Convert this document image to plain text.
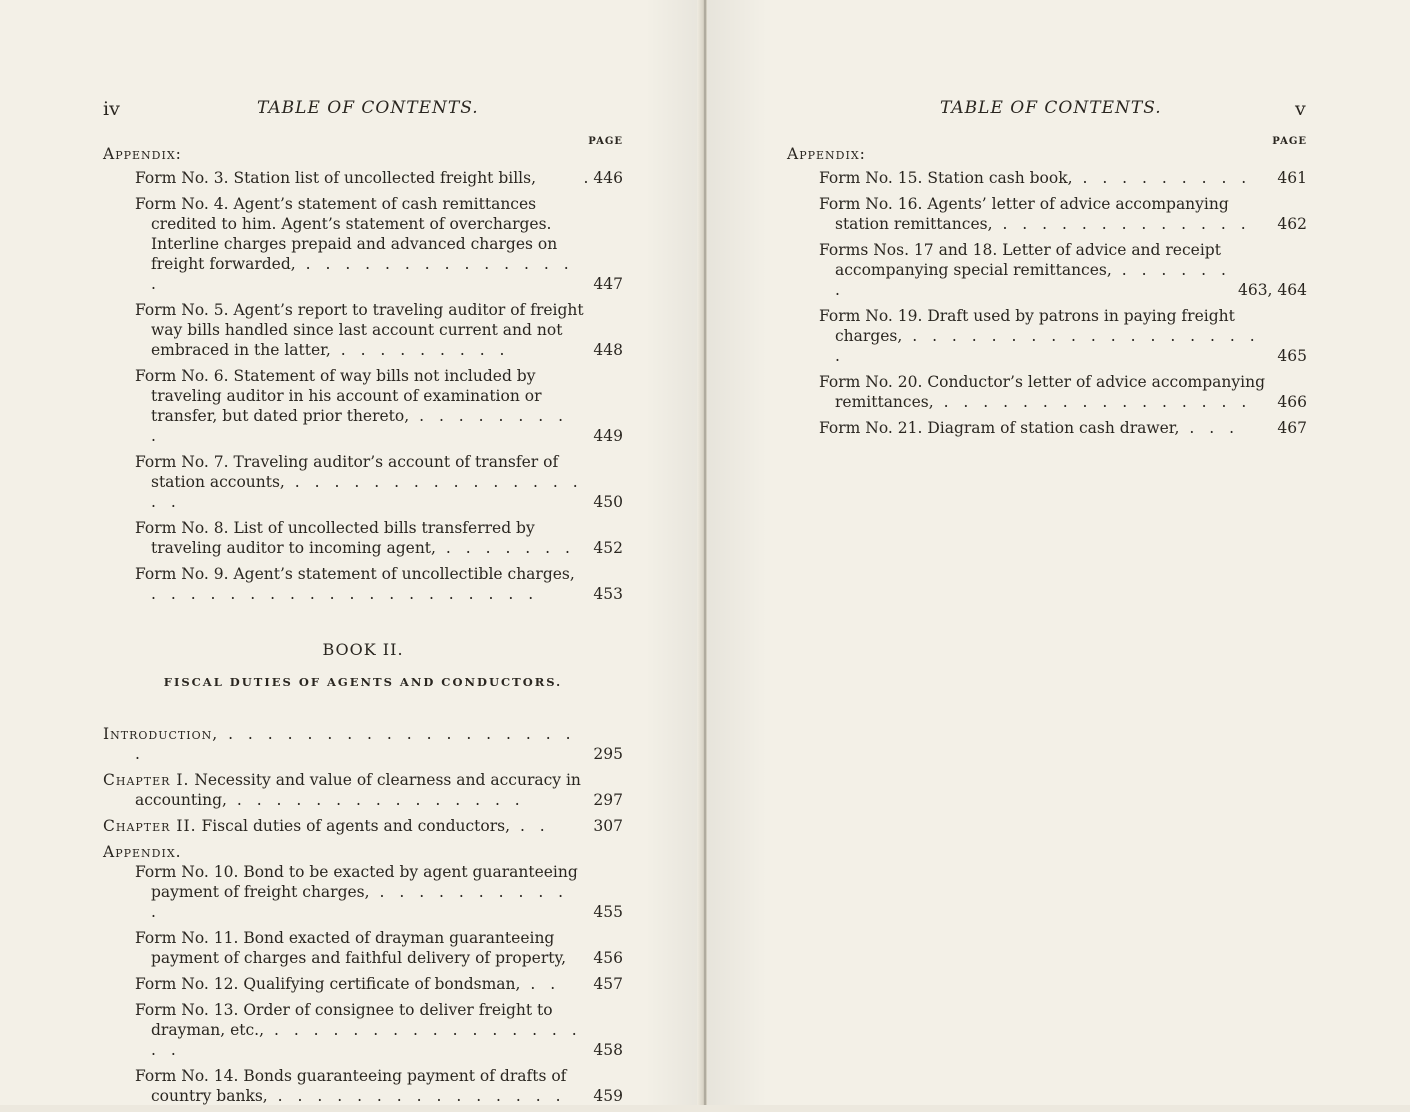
iv	TABLE OF CONTENTS.
PAGE
Appendix:
Form No. 3. Station list of uncollected freight bills,	. 446
Form No. 4. Agent’s statement of cash remittances credited to him. Agent’s statement of overcharges. Interline charges prepaid and advanced charges on freight forwarded, . . . . . . . . . . . . . . .	447
Form No. 5. Agent’s report to traveling auditor of freight way bills handled since last account current and not embraced in the latter, . . . . . . . . .	448
Form No. 6. Statement of way bills not included by traveling auditor in his account of examination or transfer, but dated prior thereto, . . . . . . . . .	449
Form No. 7. Traveling auditor’s account of transfer of station accounts, . . . . . . . . . . . . . . . . .	450
Form No. 8. List of uncollected bills transferred by traveling auditor to incoming agent, . . . . . . . 452
Form No. 9. Agent’s statement of uncollectible charges, . . . . . . . . . . . . . . . . . . . .	453
BOOK II.
FISCAL DUTIES OF AGENTS AND CONDUCTORS.
Introduction, . . . . . . . . . . . . . . . . . . .	295
Chapter I. Necessity and value of clearness and accuracy in accounting, . . . . . . . . . . . . . . .	297
Chapter II. Fiscal duties of agents and conductors, . .	307
Appendix.
Form No. 10. Bond to be exacted by agent guaranteeing payment of freight charges, . . . . . . . . . . .	455
Form No. 11. Bond exacted of drayman guaranteeing payment of charges and faithful delivery of property, 456
Form No. 12. Qualifying certificate of bondsman, . . 457
Form No. 13. Order of consignee to deliver freight to drayman, etc., . . . . . . . . . . . . . . . . . .	458
Form No. 14. Bonds guaranteeing payment of drafts of country banks, . . . . . . . . . . . . . . . 459
TABLE OF CONTENTS.	v
PAGE
Appendix:
Form No. 15. Station cash book, . . . . . . . . . 461
Form No. 16. Agents’ letter of advice accompanying station remittances, . . . . . . . . . . . . . 462
Forms Nos. 17 and 18. Letter of advice and receipt accompanying special remittances, . . . . . . .	463, 464
Form No. 19. Draft used by patrons in paying freight charges, . . . . . . . . . . . . . . . . . . .	465
Form No. 20. Conductor’s letter of advice accompanying remittances, . . . . . . . . . . . . . . . . 466
Form No. 21. Diagram of station cash drawer, . . . 467
